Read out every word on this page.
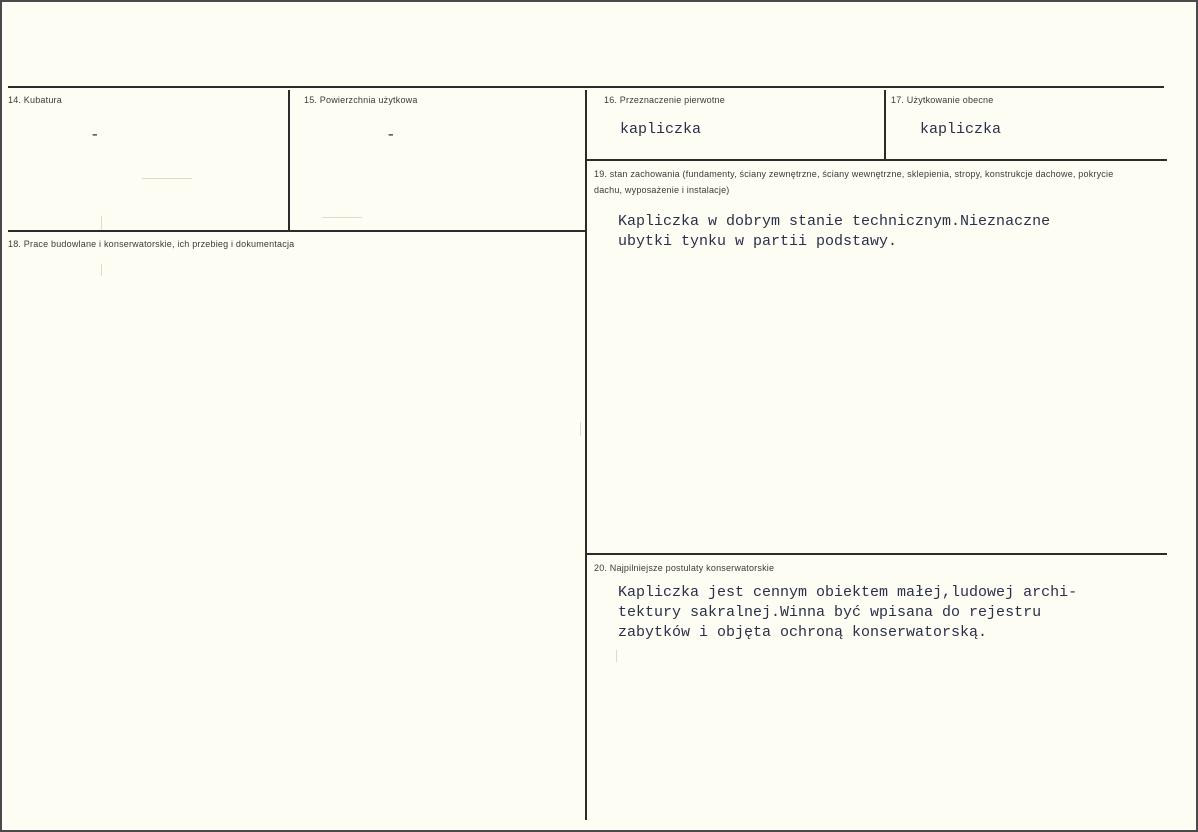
14. Kubatura
-
15. Powierzchnia użytkowa
-
16. Przeznaczenie pierwotne
kapliczka
17. Użytkowanie obecne
kapliczka
18. Prace budowlane i konserwatorskie, ich przebieg i dokumentacja
19. stan zachowania (fundamenty, ściany zewnętrzne, ściany wewnętrzne, sklepienia, stropy, konstrukcje dachowe, pokrycie dachu, wyposażenie i instalacje)
Kapliczka w dobrym stanie technicznym.Nieznaczne
ubytki tynku w partii podstawy.
20. Najpilniejsze postulaty konserwatorskie
Kapliczka jest cennym obiektem małej,ludowej archi-
tektury sakralnej.Winna być wpisana do rejestru
zabytków i objęta ochroną konserwatorską.
